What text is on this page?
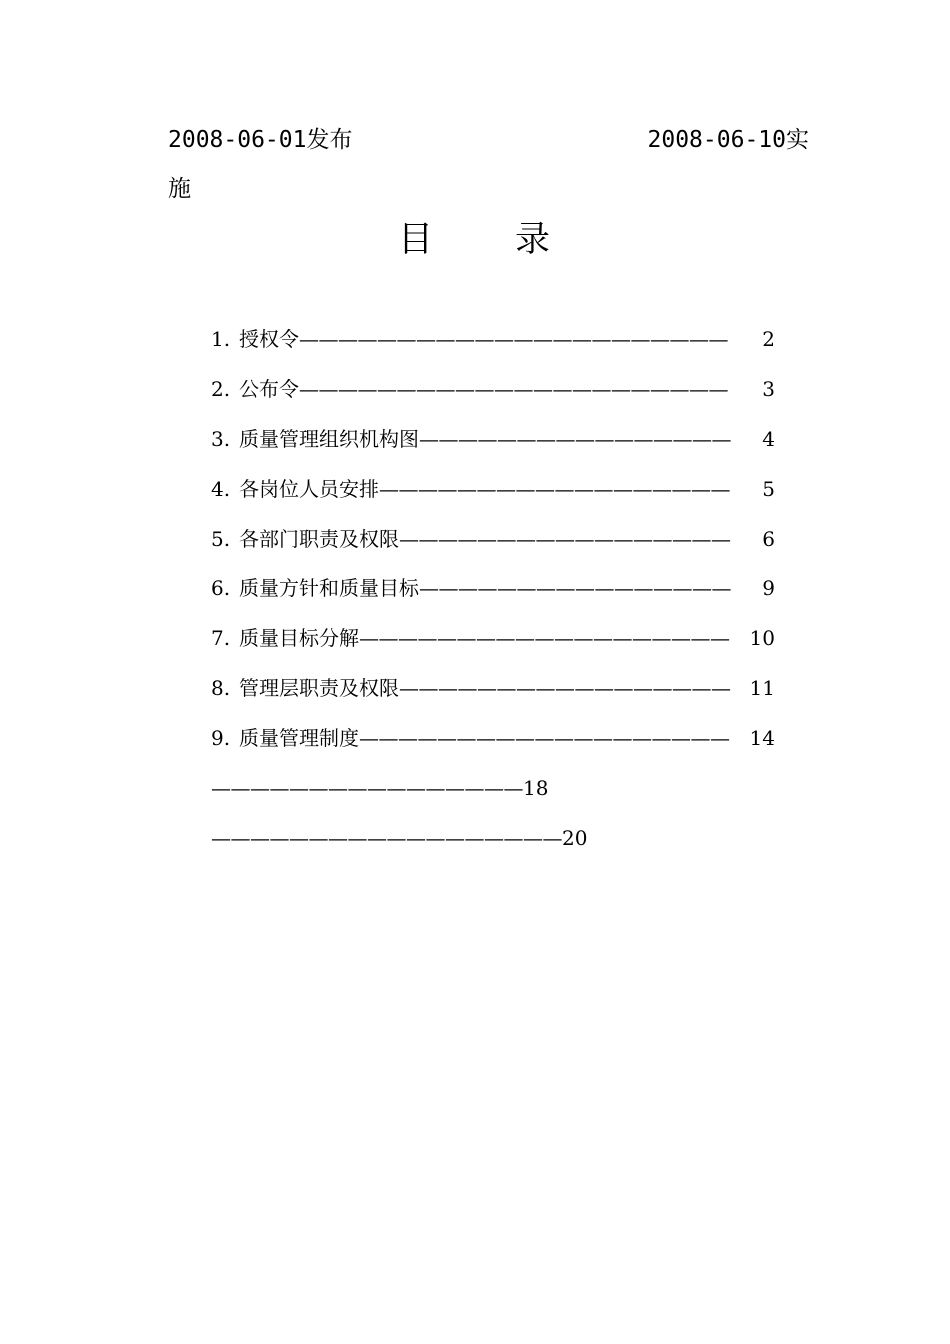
2008-06-01发布	2008-06-10实
施
目 录
1. 授权令—————————————————————— 2
2. 公布令—————————————————————— 3
3. 质量管理组织机构图———————————————— 4
4. 各岗位人员安排—————————————————— 5
5. 各部门职责及权限————————————————— 6
6. 质量方针和质量目标———————————————— 9
7. 质量目标分解——————————————————— 10
8. 管理层职责及权限————————————————— 11
9. 质量管理制度——————————————————— 14
————————————————18
——————————————————20
